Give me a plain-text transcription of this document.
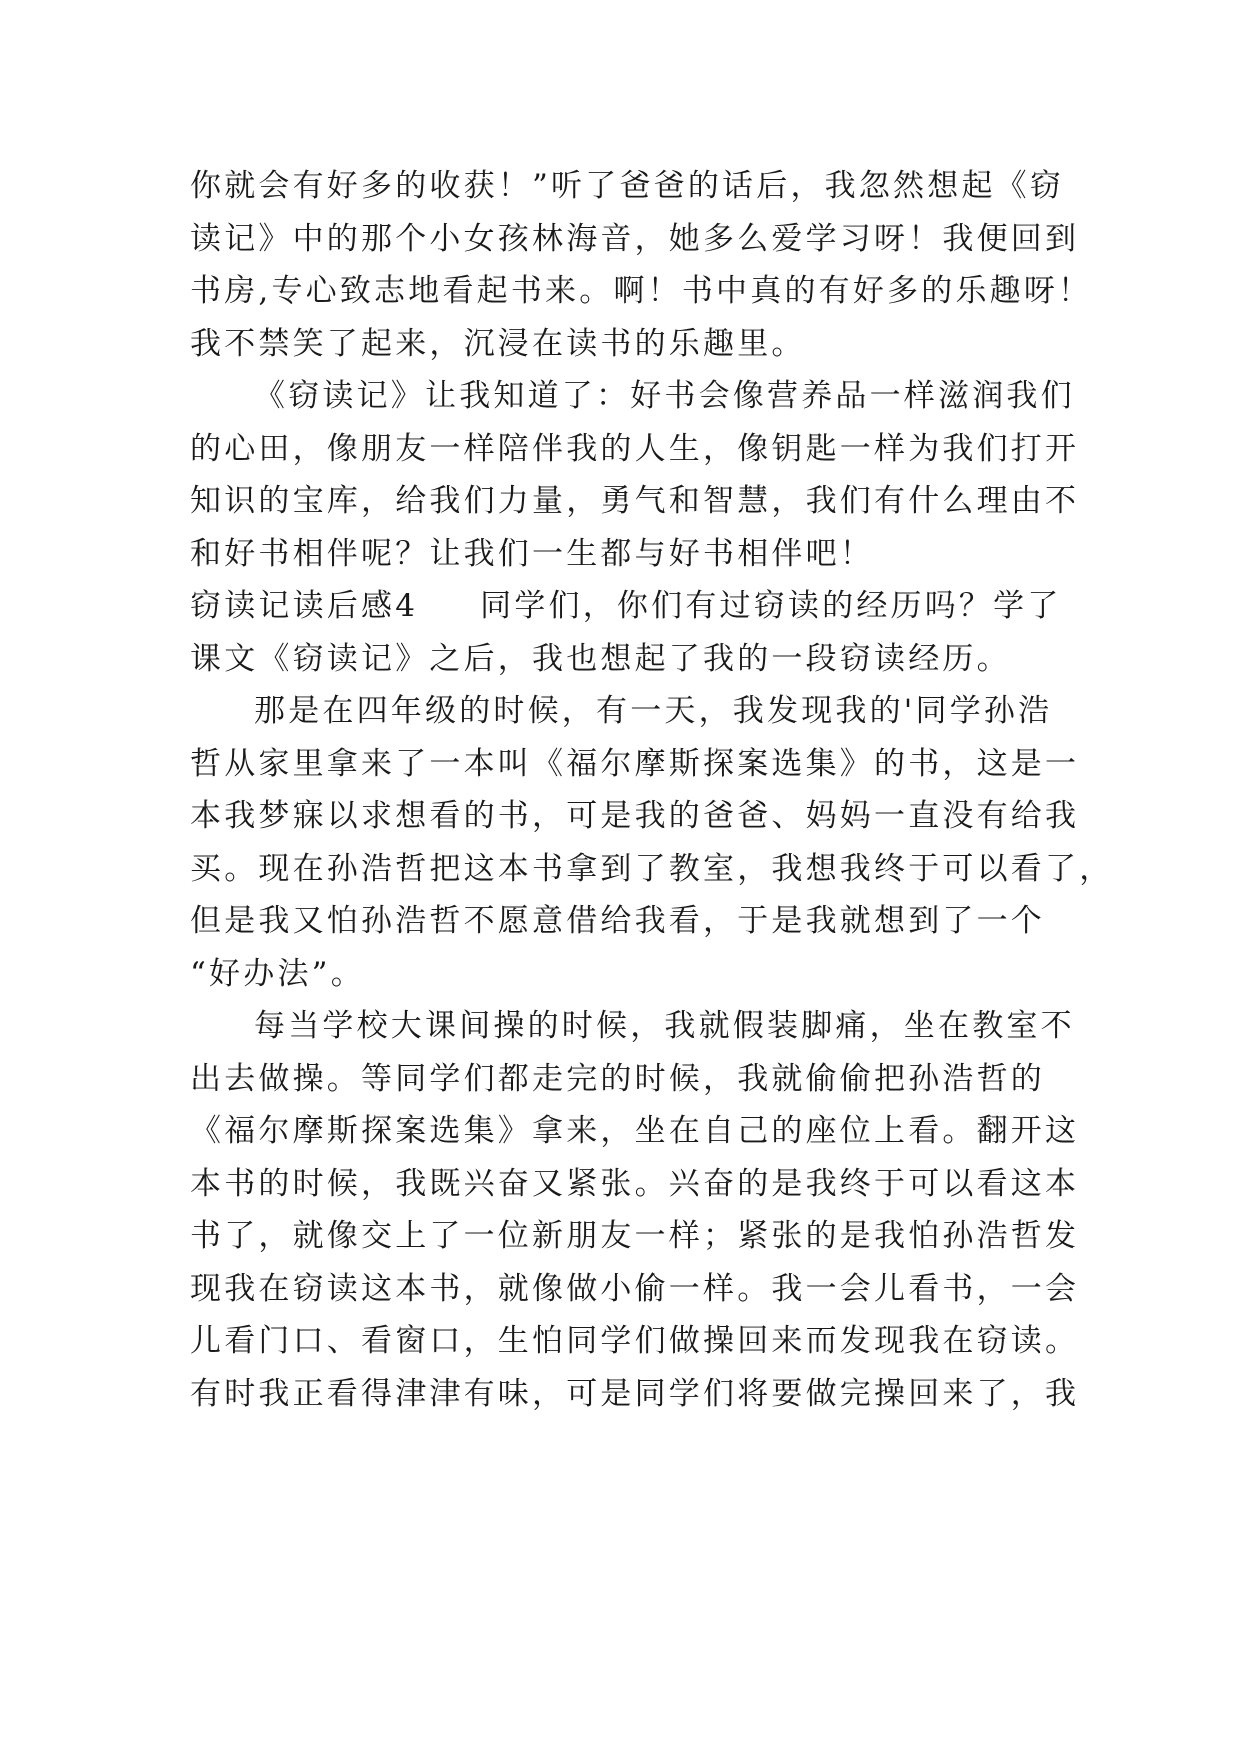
你就会有好多的收获！”听了爸爸的话后，我忽然想起《窃
读记》中的那个小女孩林海音，她多么爱学习呀！我便回到
书房,专心致志地看起书来。啊！书中真的有好多的乐趣呀！
我不禁笑了起来，沉浸在读书的乐趣里。
《窃读记》让我知道了：好书会像营养品一样滋润我们
的心田，像朋友一样陪伴我的人生，像钥匙一样为我们打开
知识的宝库，给我们力量，勇气和智慧，我们有什么理由不
和好书相伴呢？让我们一生都与好书相伴吧！
窃读记读后感4 同学们，你们有过窃读的经历吗？学了
课文《窃读记》之后，我也想起了我的一段窃读经历。
那是在四年级的时候，有一天，我发现我的'同学孙浩
哲从家里拿来了一本叫《福尔摩斯探案选集》的书，这是一
本我梦寐以求想看的书，可是我的爸爸、妈妈一直没有给我
买。现在孙浩哲把这本书拿到了教室，我想我终于可以看了，
但是我又怕孙浩哲不愿意借给我看，于是我就想到了一个
“好办法”。
每当学校大课间操的时候，我就假装脚痛，坐在教室不
出去做操。等同学们都走完的时候，我就偷偷把孙浩哲的
《福尔摩斯探案选集》拿来，坐在自己的座位上看。翻开这
本书的时候，我既兴奋又紧张。兴奋的是我终于可以看这本
书了，就像交上了一位新朋友一样；紧张的是我怕孙浩哲发
现我在窃读这本书，就像做小偷一样。我一会儿看书，一会
儿看门口、看窗口，生怕同学们做操回来而发现我在窃读。
有时我正看得津津有味，可是同学们将要做完操回来了，我
